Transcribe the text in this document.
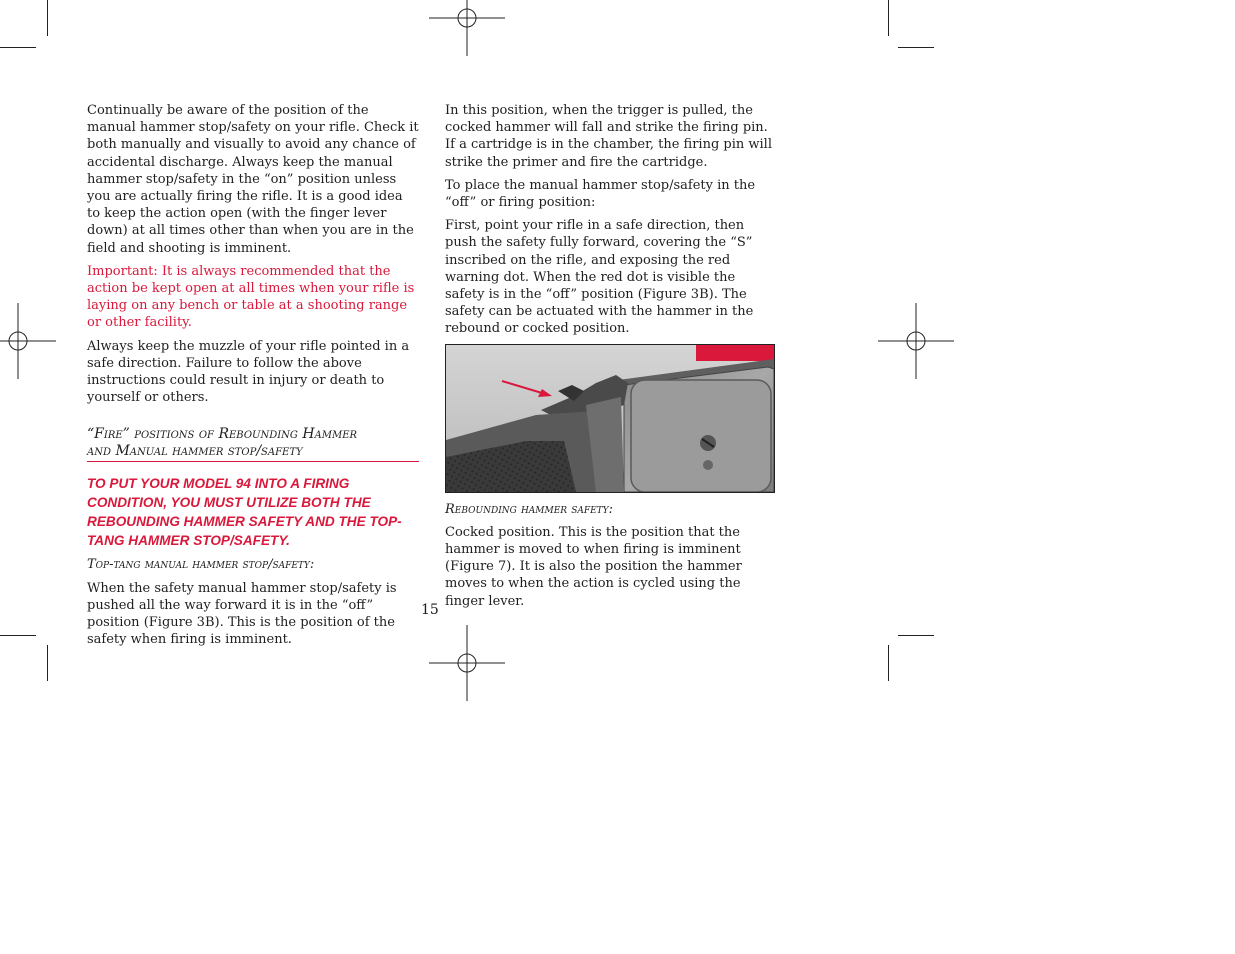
Continually be aware of the position of the manual hammer stop/safety on your rifle. Check it both manually and visually to avoid any chance of accidental discharge. Always keep the manual hammer stop/safety in the “on” position unless you are actually firing the rifle. It is a good idea to keep the action open (with the finger lever down) at all times other than when you are in the field and shooting is imminent.

Important: It is always recommended that the action be kept open at all times when your rifle is laying on any bench or table at a shooting range or other facility.

Always keep the muzzle of your rifle pointed in a safe direction. Failure to follow the above instructions could result in injury or death to yourself or others.

“Fire” positions of Rebounding Hammer
and Manual hammer stop/safety

TO PUT YOUR MODEL 94 INTO A FIRING CONDITION, YOU MUST UTILIZE BOTH THE REBOUNDING HAMMER SAFETY AND THE TOP-TANG HAMMER STOP/SAFETY.

Top-tang manual hammer stop/safety:

When the safety manual hammer stop/safety is pushed all the way forward it is in the “off” position (Figure 3B). This is the position of the safety when firing is imminent.

In this position, when the trigger is pulled, the cocked hammer will fall and strike the firing pin. If a cartridge is in the chamber, the firing pin will strike the primer and fire the cartridge.

To place the manual hammer stop/safety in the “off” or firing position:

First, point your rifle in a safe direction, then push the safety fully forward, covering the “S” inscribed on the rifle, and exposing the red warning dot. When the red dot is visible the safety is in the “off” position (Figure 3B). The safety can be actuated with the hammer in the rebound or cocked position.

Rebounding hammer safety:

Cocked position. This is the position that the hammer is moved to when firing is imminent (Figure 7). It is also the position the hammer moves to when the action is cycled using the finger lever.

15
